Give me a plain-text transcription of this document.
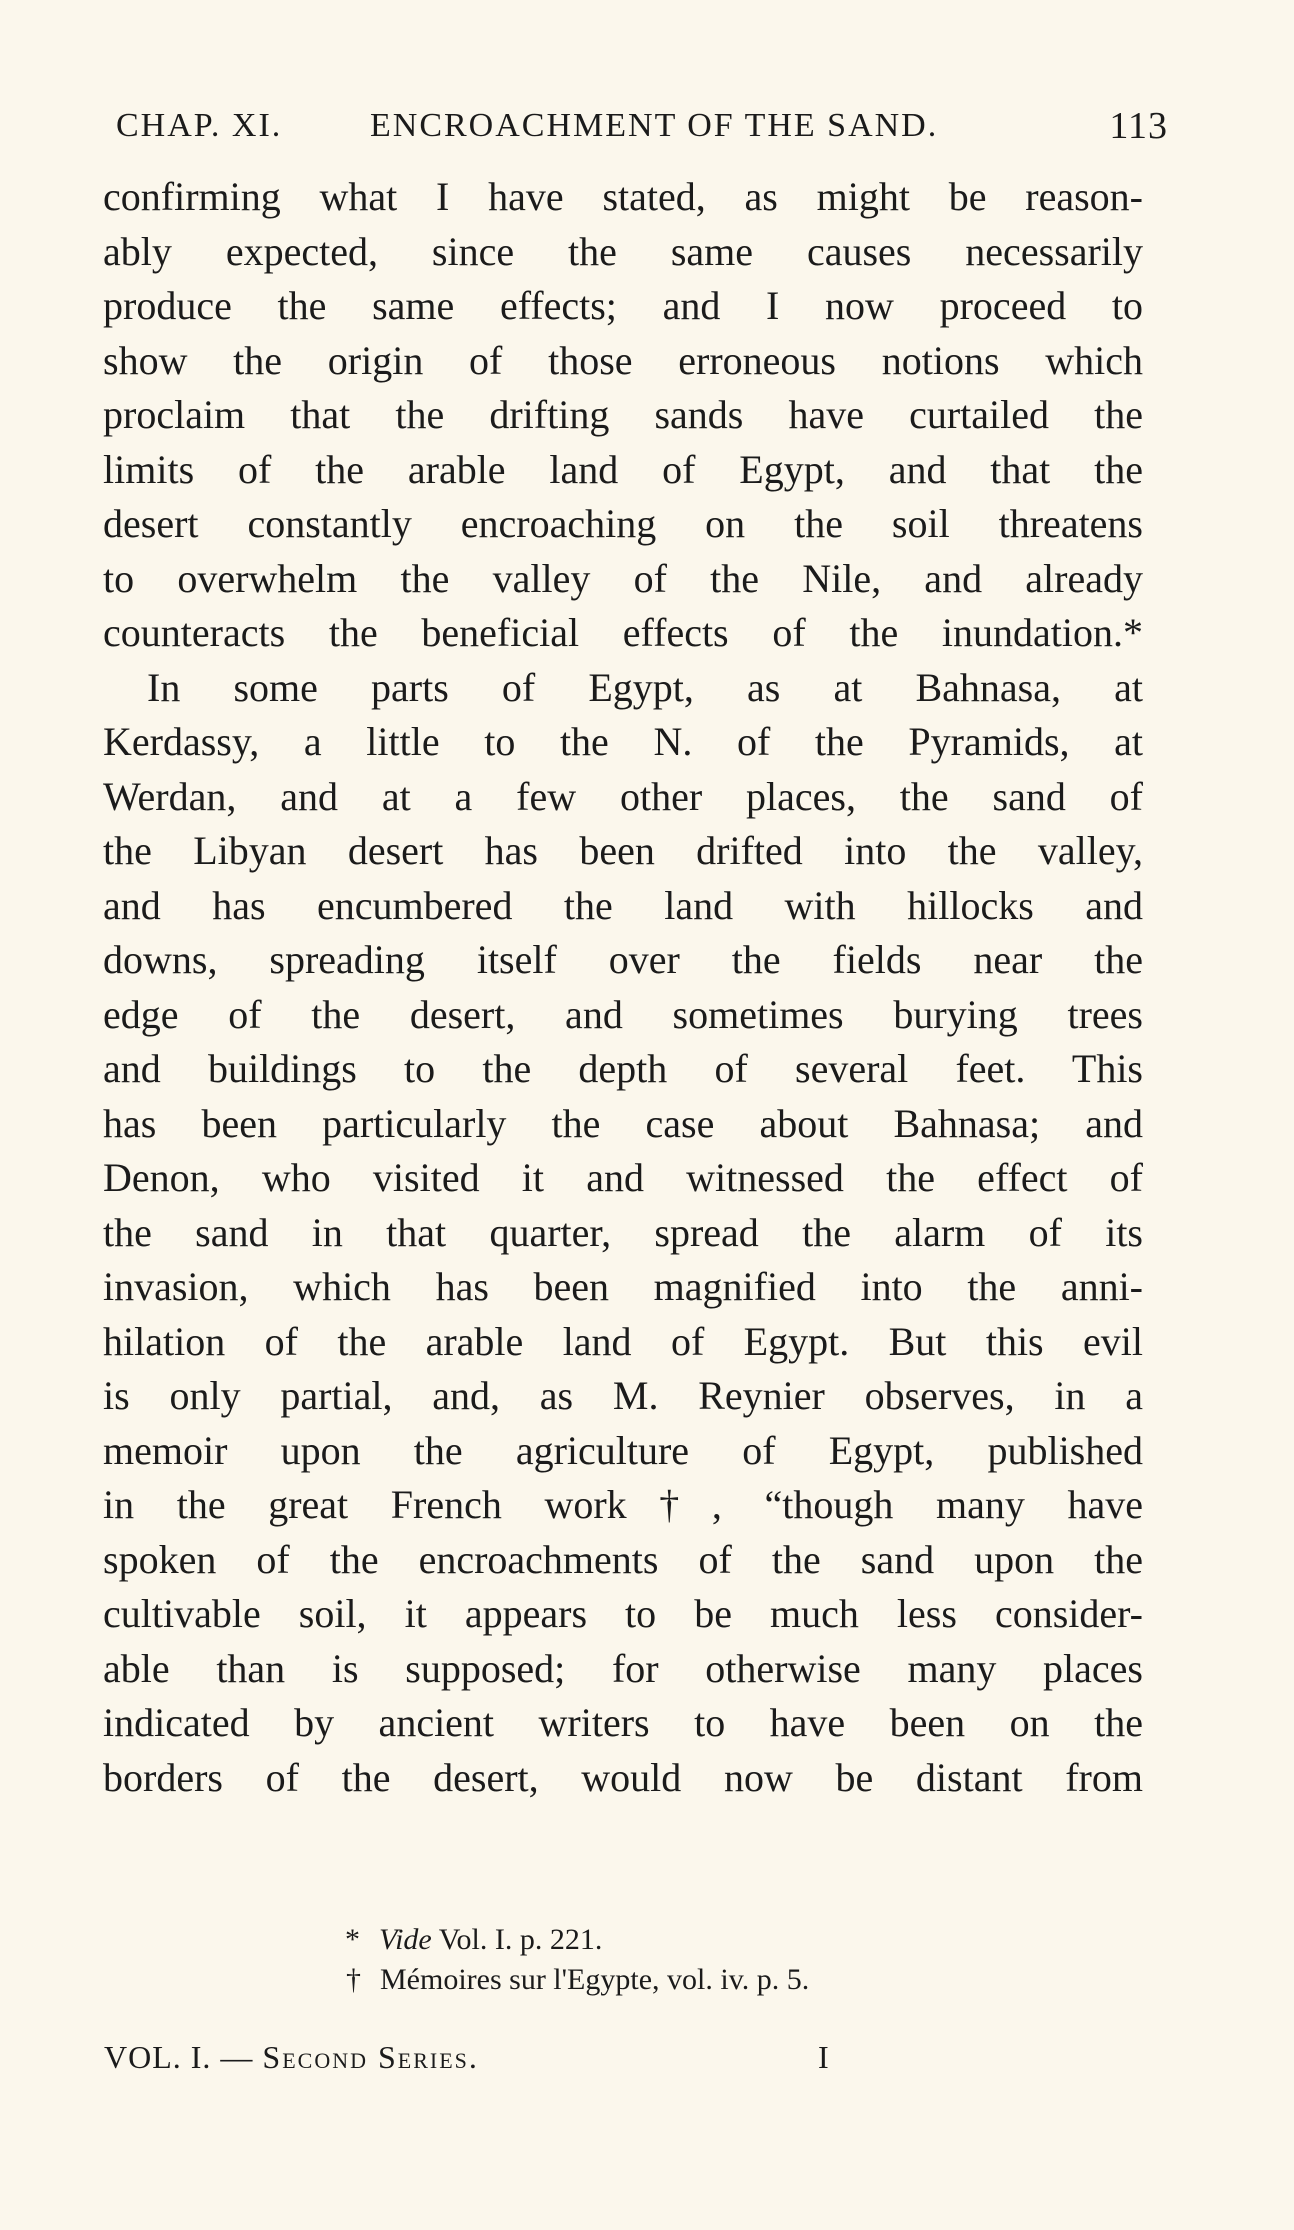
CHAP. XI.	ENCROACHMENT OF THE SAND.	113
confirming what I have stated, as might be reason-
ably expected, since the same causes necessarily
produce the same effects; and I now proceed to
show the origin of those erroneous notions which
proclaim that the drifting sands have curtailed the
limits of the arable land of Egypt, and that the
desert constantly encroaching on the soil threatens
to overwhelm the valley of the Nile, and already
counteracts the beneficial effects of the inundation.*
In some parts of Egypt, as at Bahnasa, at
Kerdassy, a little to the N. of the Pyramids, at
Werdan, and at a few other places, the sand of
the Libyan desert has been drifted into the valley,
and has encumbered the land with hillocks and
downs, spreading itself over the fields near the
edge of the desert, and sometimes burying trees
and buildings to the depth of several feet. This
has been particularly the case about Bahnasa; and
Denon, who visited it and witnessed the effect of
the sand in that quarter, spread the alarm of its
invasion, which has been magnified into the anni-
hilation of the arable land of Egypt. But this evil
is only partial, and, as M. Reynier observes, in a
memoir upon the agriculture of Egypt, published
in the great French work†, “though many have
spoken of the encroachments of the sand upon the
cultivable soil, it appears to be much less consider-
able than is supposed; for otherwise many places
indicated by ancient writers to have been on the
borders of the desert, would now be distant from
* Vide Vol. I. p. 221.
† Mémoires sur l'Egypte, vol. iv. p. 5.
VOL. I. — Second Series.	I
